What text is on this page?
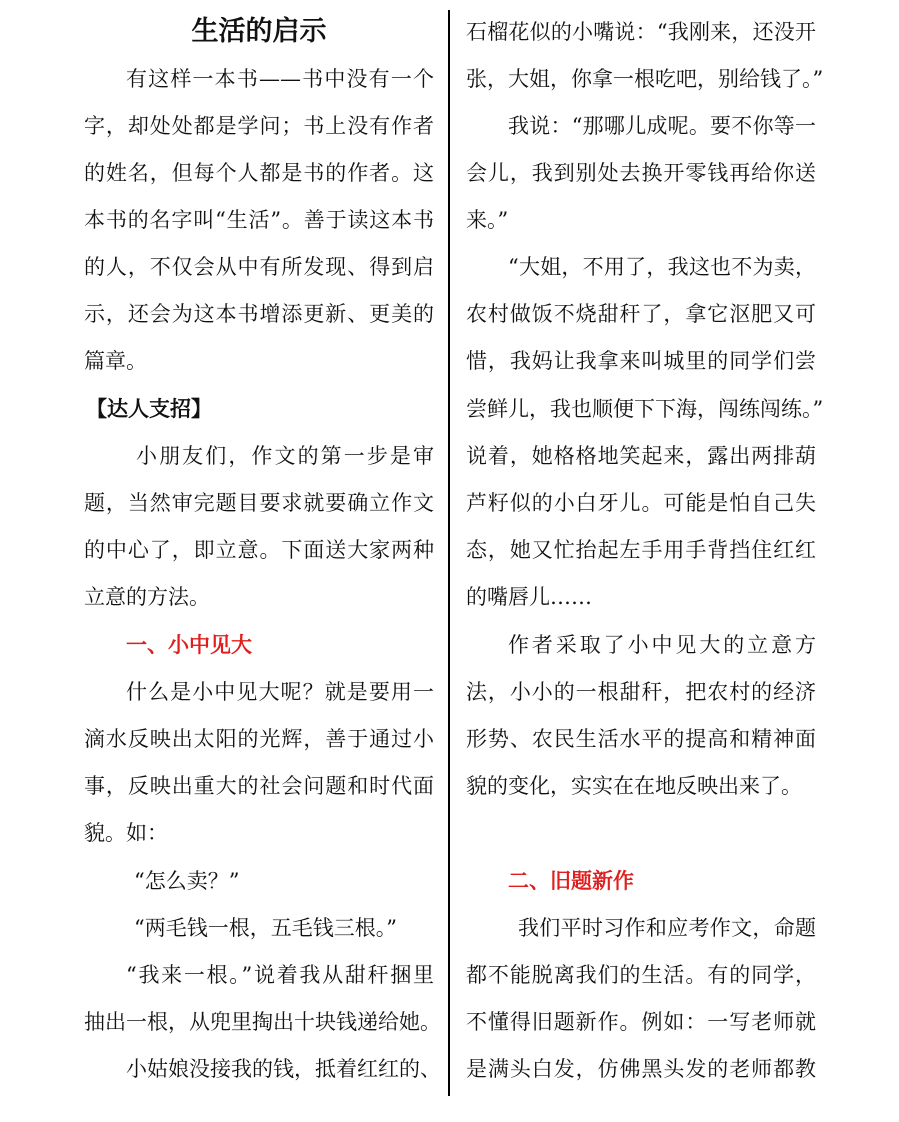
生活的启示
有这样一本书——书中没有一个
字，却处处都是学问；书上没有作者
的姓名，但每个人都是书的作者。这
本书的名字叫“生活”。善于读这本书
的人，不仅会从中有所发现、得到启
示，还会为这本书增添更新、更美的
篇章。
【达人支招】
小朋友们，作文的第一步是审
题，当然审完题目要求就要确立作文
的中心了，即立意。下面送大家两种
立意的方法。
一、小中见大
什么是小中见大呢？就是要用一
滴水反映出太阳的光辉，善于通过小
事，反映出重大的社会问题和时代面
貌。如：
“怎么卖？”
“两毛钱一根，五毛钱三根。”
“我来一根。”说着我从甜秆捆里
抽出一根，从兜里掏出十块钱递给她。
小姑娘没接我的钱，抵着红红的、
石榴花似的小嘴说：“我刚来，还没开
张，大姐，你拿一根吃吧，别给钱了。”
我说：“那哪儿成呢。要不你等一
会儿，我到别处去换开零钱再给你送
来。”
“大姐，不用了，我这也不为卖，
农村做饭不烧甜秆了，拿它沤肥又可
惜，我妈让我拿来叫城里的同学们尝
尝鲜儿，我也顺便下下海，闯练闯练。”
说着，她格格地笑起来，露出两排葫
芦籽似的小白牙儿。可能是怕自己失
态，她又忙抬起左手用手背挡住红红
的嘴唇儿……
作者采取了小中见大的立意方
法，小小的一根甜秆，把农村的经济
形势、农民生活水平的提高和精神面
貌的变化，实实在在地反映出来了。
二、旧题新作
我们平时习作和应考作文，命题
都不能脱离我们的生活。有的同学，
不懂得旧题新作。例如：一写老师就
是满头白发，仿佛黑头发的老师都教
